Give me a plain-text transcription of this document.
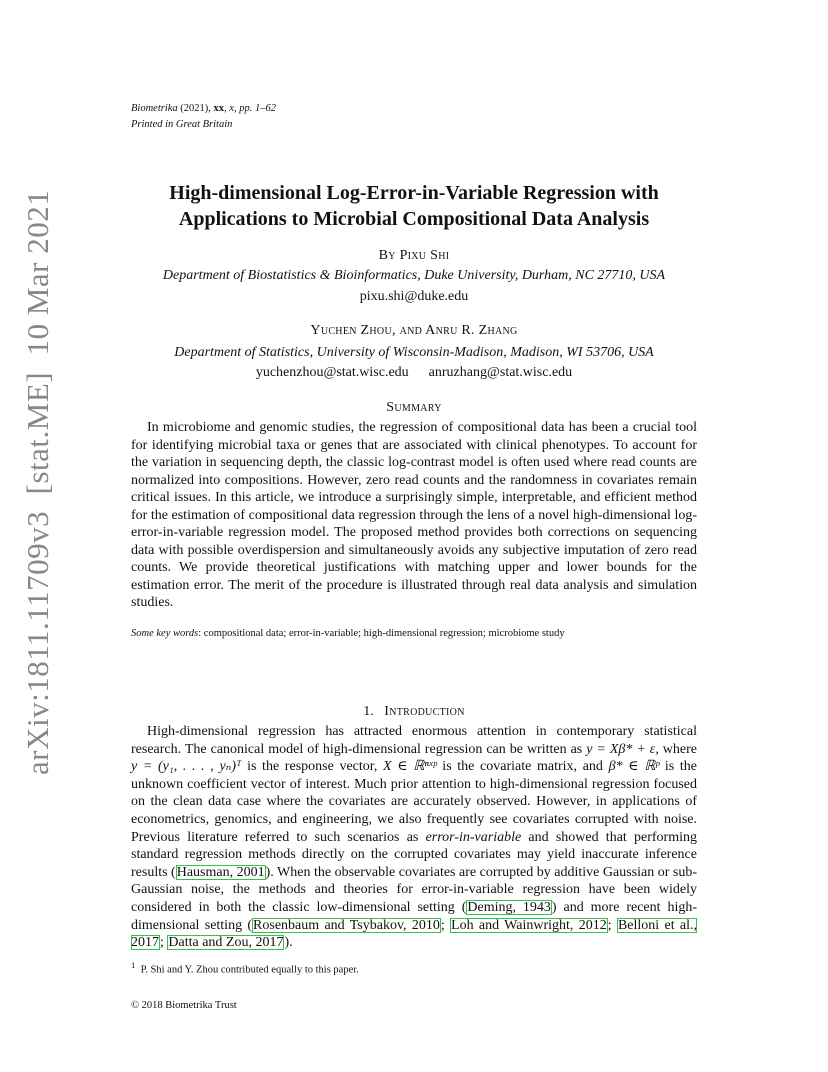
Biometrika (2021), xx, x, pp. 1–62
Printed in Great Britain
High-dimensional Log-Error-in-Variable Regression with
Applications to Microbial Compositional Data Analysis
By Pixu Shi
Department of Biostatistics & Bioinformatics, Duke University, Durham, NC 27710, USA
pixu.shi@duke.edu
Yuchen Zhou, and Anru R. Zhang
Department of Statistics, University of Wisconsin-Madison, Madison, WI 53706, USA
yuchenzhou@stat.wisc.edu anruzhang@stat.wisc.edu
Summary
In microbiome and genomic studies, the regression of compositional data has been a crucial tool for identifying microbial taxa or genes that are associated with clinical phenotypes. To account for the variation in sequencing depth, the classic log-contrast model is often used where read counts are normalized into compositions. However, zero read counts and the randomness in covariates remain critical issues. In this article, we introduce a surprisingly simple, interpretable, and efficient method for the estimation of compositional data regression through the lens of a novel high-dimensional log-error-in-variable regression model. The proposed method provides both corrections on sequencing data with possible overdispersion and simultaneously avoids any subjective imputation of zero read counts. We provide theoretical justifications with matching upper and lower bounds for the estimation error. The merit of the procedure is illustrated through real data analysis and simulation studies.
Some key words: compositional data; error-in-variable; high-dimensional regression; microbiome study
1. Introduction
High-dimensional regression has attracted enormous attention in contemporary statistical research. The canonical model of high-dimensional regression can be written as y = Xβ* + ε, where y = (y₁, . . . , yₙ)ᵀ is the response vector, X ∈ ℝⁿˣᵖ is the covariate matrix, and β* ∈ ℝᵖ is the unknown coefficient vector of interest. Much prior attention to high-dimensional regression focused on the clean data case where the covariates are accurately observed. However, in applications of econometrics, genomics, and engineering, we also frequently see covariates corrupted with noise. Previous literature referred to such scenarios as error-in-variable and showed that performing standard regression methods directly on the corrupted covariates may yield inaccurate inference results (Hausman, 2001). When the observable covariates are corrupted by additive Gaussian or sub-Gaussian noise, the methods and theories for error-in-variable regression have been widely considered in both the classic low-dimensional setting (Deming, 1943) and more recent high-dimensional setting (Rosenbaum and Tsybakov, 2010; Loh and Wainwright, 2012; Belloni et al., 2017; Datta and Zou, 2017).
$^1$ P. Shi and Y. Zhou contributed equally to this paper.
© 2018 Biometrika Trust
arXiv:1811.11709v3  [stat.ME]  10 Mar 2021
